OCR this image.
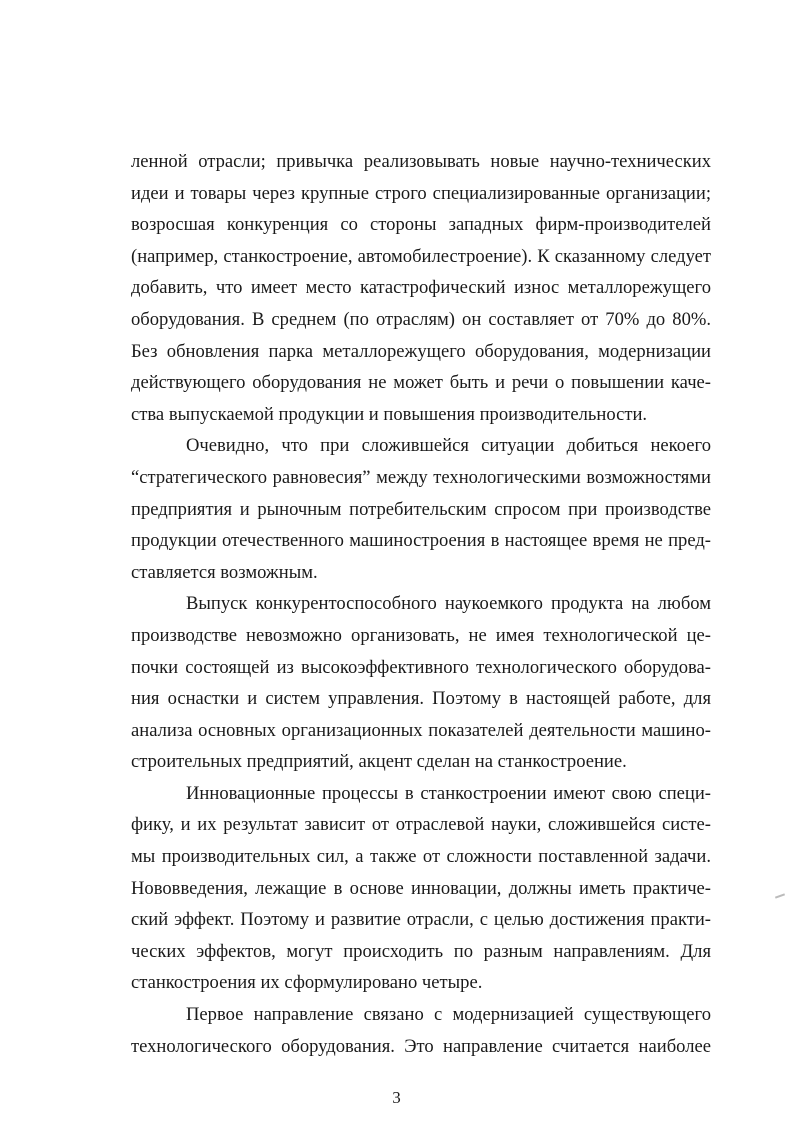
ленной отрасли; привычка реализовывать новые научно-технических
идеи и товары через крупные строго специализированные организации;
возросшая конкуренция со стороны западных фирм-производителей
(например, станкостроение, автомобилестроение). К сказанному следует
добавить, что имеет место катастрофический износ металлорежущего
оборудования. В среднем (по отраслям) он составляет от 70% до 80%.
Без обновления парка металлорежущего оборудования, модернизации
действующего оборудования не может быть и речи о повышении каче-
ства выпускаемой продукции и повышения производительности.

Очевидно, что при сложившейся ситуации добиться некоего
“стратегического равновесия” между технологическими возможностями
предприятия и рыночным потребительским спросом при производстве
продукции отечественного машиностроения в настоящее время не пред-
ставляется возможным.

Выпуск конкурентоспособного наукоемкого продукта на любом
производстве невозможно организовать, не имея технологической це-
почки состоящей из высокоэффективного технологического оборудова-
ния оснастки и систем управления. Поэтому в настоящей работе, для
анализа основных организационных показателей деятельности машино-
строительных предприятий, акцент сделан на станкостроение.

Инновационные процессы в станкостроении имеют свою специ-
фику, и их результат зависит от отраслевой науки, сложившейся систе-
мы производительных сил, а также от сложности поставленной задачи.
Нововведения, лежащие в основе инновации, должны иметь практиче-
ский эффект. Поэтому и развитие отрасли, с целью достижения практи-
ческих эффектов, могут происходить по разным направлениям. Для
станкостроения их сформулировано четыре.

Первое направление связано с модернизацией существующего
технологического оборудования. Это направление считается наиболее

3
